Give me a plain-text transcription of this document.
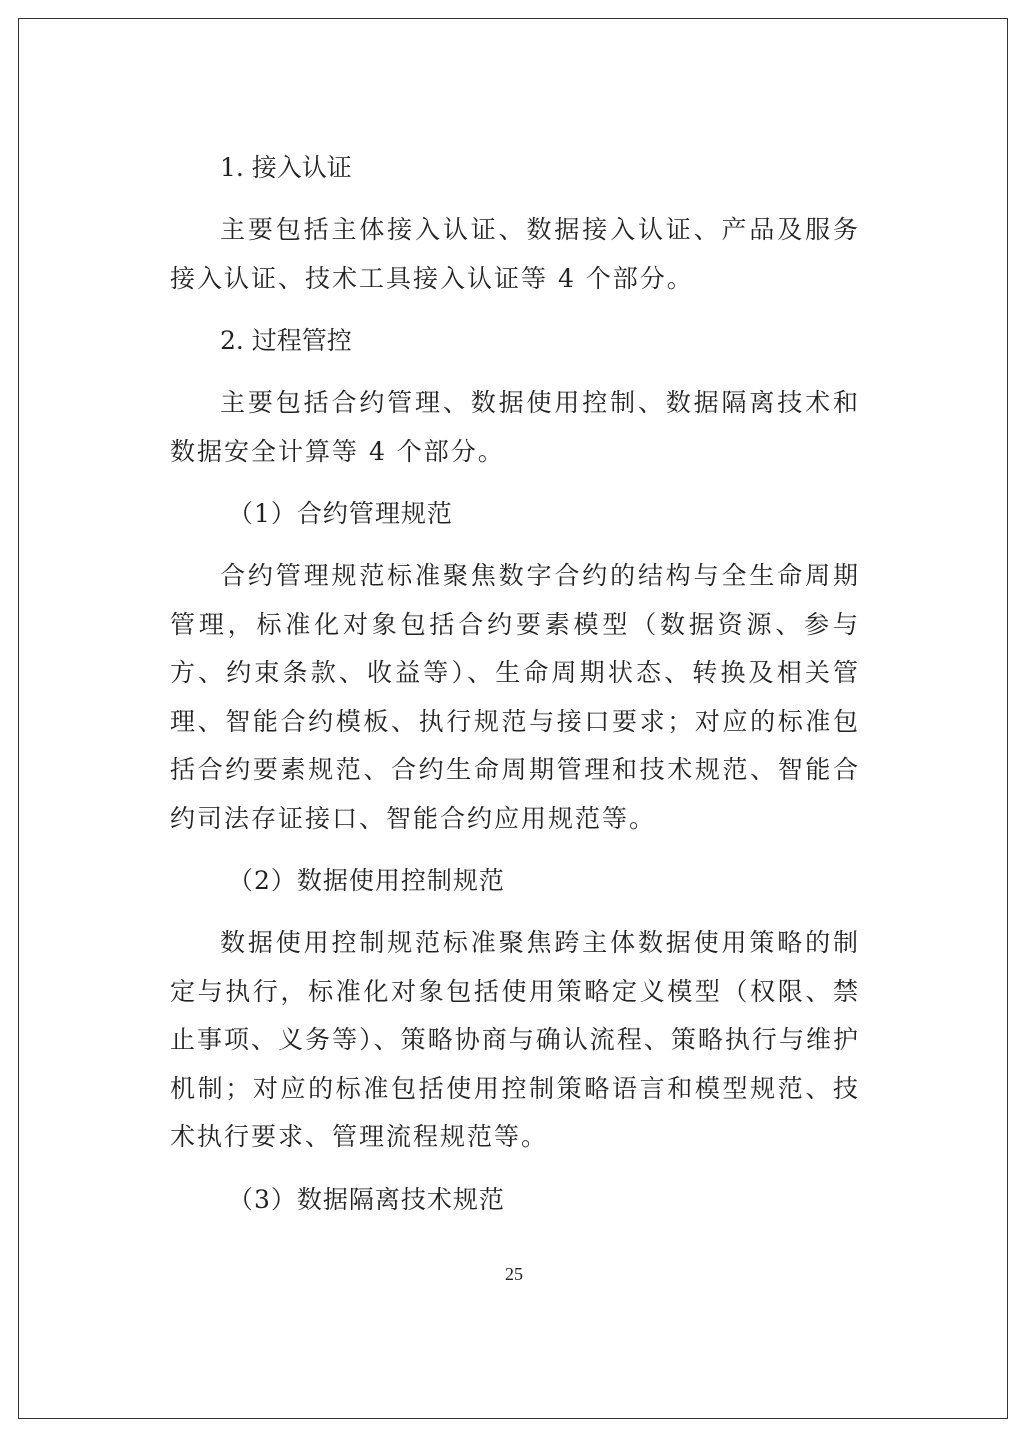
1. 接入认证

主要包括主体接入认证、数据接入认证、产品及服务接入认证、技术工具接入认证等 4 个部分。

2. 过程管控

主要包括合约管理、数据使用控制、数据隔离技术和数据安全计算等 4 个部分。

（1）合约管理规范

合约管理规范标准聚焦数字合约的结构与全生命周期管理，标准化对象包括合约要素模型（数据资源、参与方、约束条款、收益等）、生命周期状态、转换及相关管理、智能合约模板、执行规范与接口要求；对应的标准包括合约要素规范、合约生命周期管理和技术规范、智能合约司法存证接口、智能合约应用规范等。

（2）数据使用控制规范

数据使用控制规范标准聚焦跨主体数据使用策略的制定与执行，标准化对象包括使用策略定义模型（权限、禁止事项、义务等）、策略协商与确认流程、策略执行与维护机制；对应的标准包括使用控制策略语言和模型规范、技术执行要求、管理流程规范等。

（3）数据隔离技术规范
25
